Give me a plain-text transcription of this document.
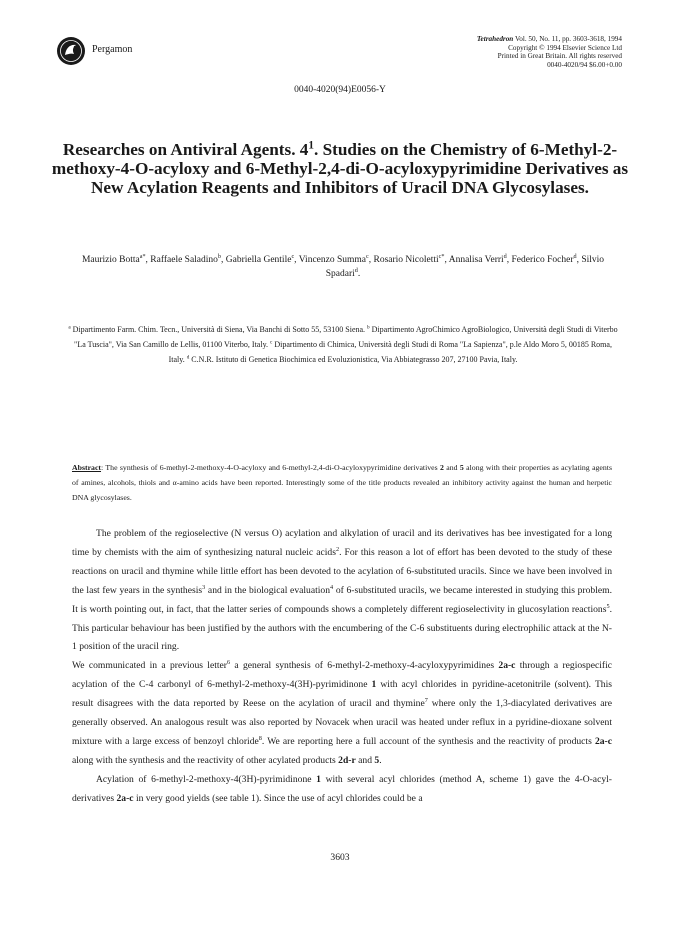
Pergamon
Tetrahedron Vol. 50, No. 11, pp. 3603-3618, 1994
Copyright © 1994 Elsevier Science Ltd
Printed in Great Britain. All rights reserved
0040-4020/94 $6.00+0.00
0040-4020(94)E0056-Y
Researches on Antiviral Agents. $4^1$. Studies on the Chemistry of 6-Methyl-2-methoxy-4-O-acyloxy and 6-Methyl-2,4-di-O-acyloxypyrimidine Derivatives as New Acylation Reagents and Inhibitors of Uracil DNA Glycosylases.
Maurizio Botta$^{a*}$, Raffaele Saladino$^b$, Gabriella Gentile$^c$, Vincenzo Summa$^c$, Rosario Nicoletti$^{c*}$, Annalisa Verri$^d$, Federico Focher$^d$, Silvio Spadari$^d$.
$^a$ Dipartimento Farm. Chim. Tecn., Università di Siena, Via Banchi di Sotto 55, 53100 Siena. $^b$ Dipartimento AgroChimico AgroBiologico, Università degli Studi di Viterbo "La Tuscia", Via San Camillo de Lellis, 01100 Viterbo, Italy. $^c$ Dipartimento di Chimica, Università degli Studi di Roma "La Sapienza", p.le Aldo Moro 5, 00185 Roma, Italy. $^d$ C.N.R. Istituto di Genetica Biochimica ed Evoluzionistica, Via Abbiategrasso 207, 27100 Pavia, Italy.
Abstract: The synthesis of 6-methyl-2-methoxy-4-O-acyloxy and 6-methyl-2,4-di-O-acyloxypyrimidine derivatives 2 and 5 along with their properties as acylating agents of amines, alcohols, thiols and α-amino acids have been reported. Interestingly some of the title products revealed an inhibitory activity against the human and herpetic DNA glycosylases.

The problem of the regioselective (N versus O) acylation and alkylation of uracil and its derivatives has bee investigated for a long time by chemists with the aim of synthesizing natural nucleic acids$^2$. For this reason a lot of effort has been devoted to the study of these reactions on uracil and thymine while little effort has been devoted to the acylation of 6-substituted uracils. Since we have been involved in the last few years in the synthesis$^3$ and in the biological evaluation$^4$ of 6-substituted uracils, we became interested in studying this problem. It is worth pointing out, in fact, that the latter series of compounds shows a completely different regioselectivity in glucosylation reactions$^5$. This particular behaviour has been justified by the authors with the encumbering of the C-6 substituents during electrophilic attack at the N-1 position of the uracil ring.

We communicated in a previous letter$^6$ a general synthesis of 6-methyl-2-methoxy-4-acyloxypyrimidines 2a-c through a regiospecific acylation of the C-4 carbonyl of 6-methyl-2-methoxy-4(3H)-pyrimidinone 1 with acyl chlorides in pyridine-acetonitrile (solvent). This result disagrees with the data reported by Reese on the acylation of uracil and thymine$^7$ where only the 1,3-diacylated derivatives are generally observed. An analogous result was also reported by Novacek when uracil was heated under reflux in a pyridine-dioxane solvent mixture with a large excess of benzoyl chloride$^8$. We are reporting here a full account of the synthesis and the reactivity of products 2a-c along with the synthesis and the reactivity of other acylated products 2d-r and 5.

Acylation of 6-methyl-2-methoxy-4(3H)-pyrimidinone 1 with several acyl chlorides (method A, scheme 1) gave the 4-O-acyl-derivatives 2a-c in very good yields (see table 1). Since the use of acyl chlorides could be a

3603
